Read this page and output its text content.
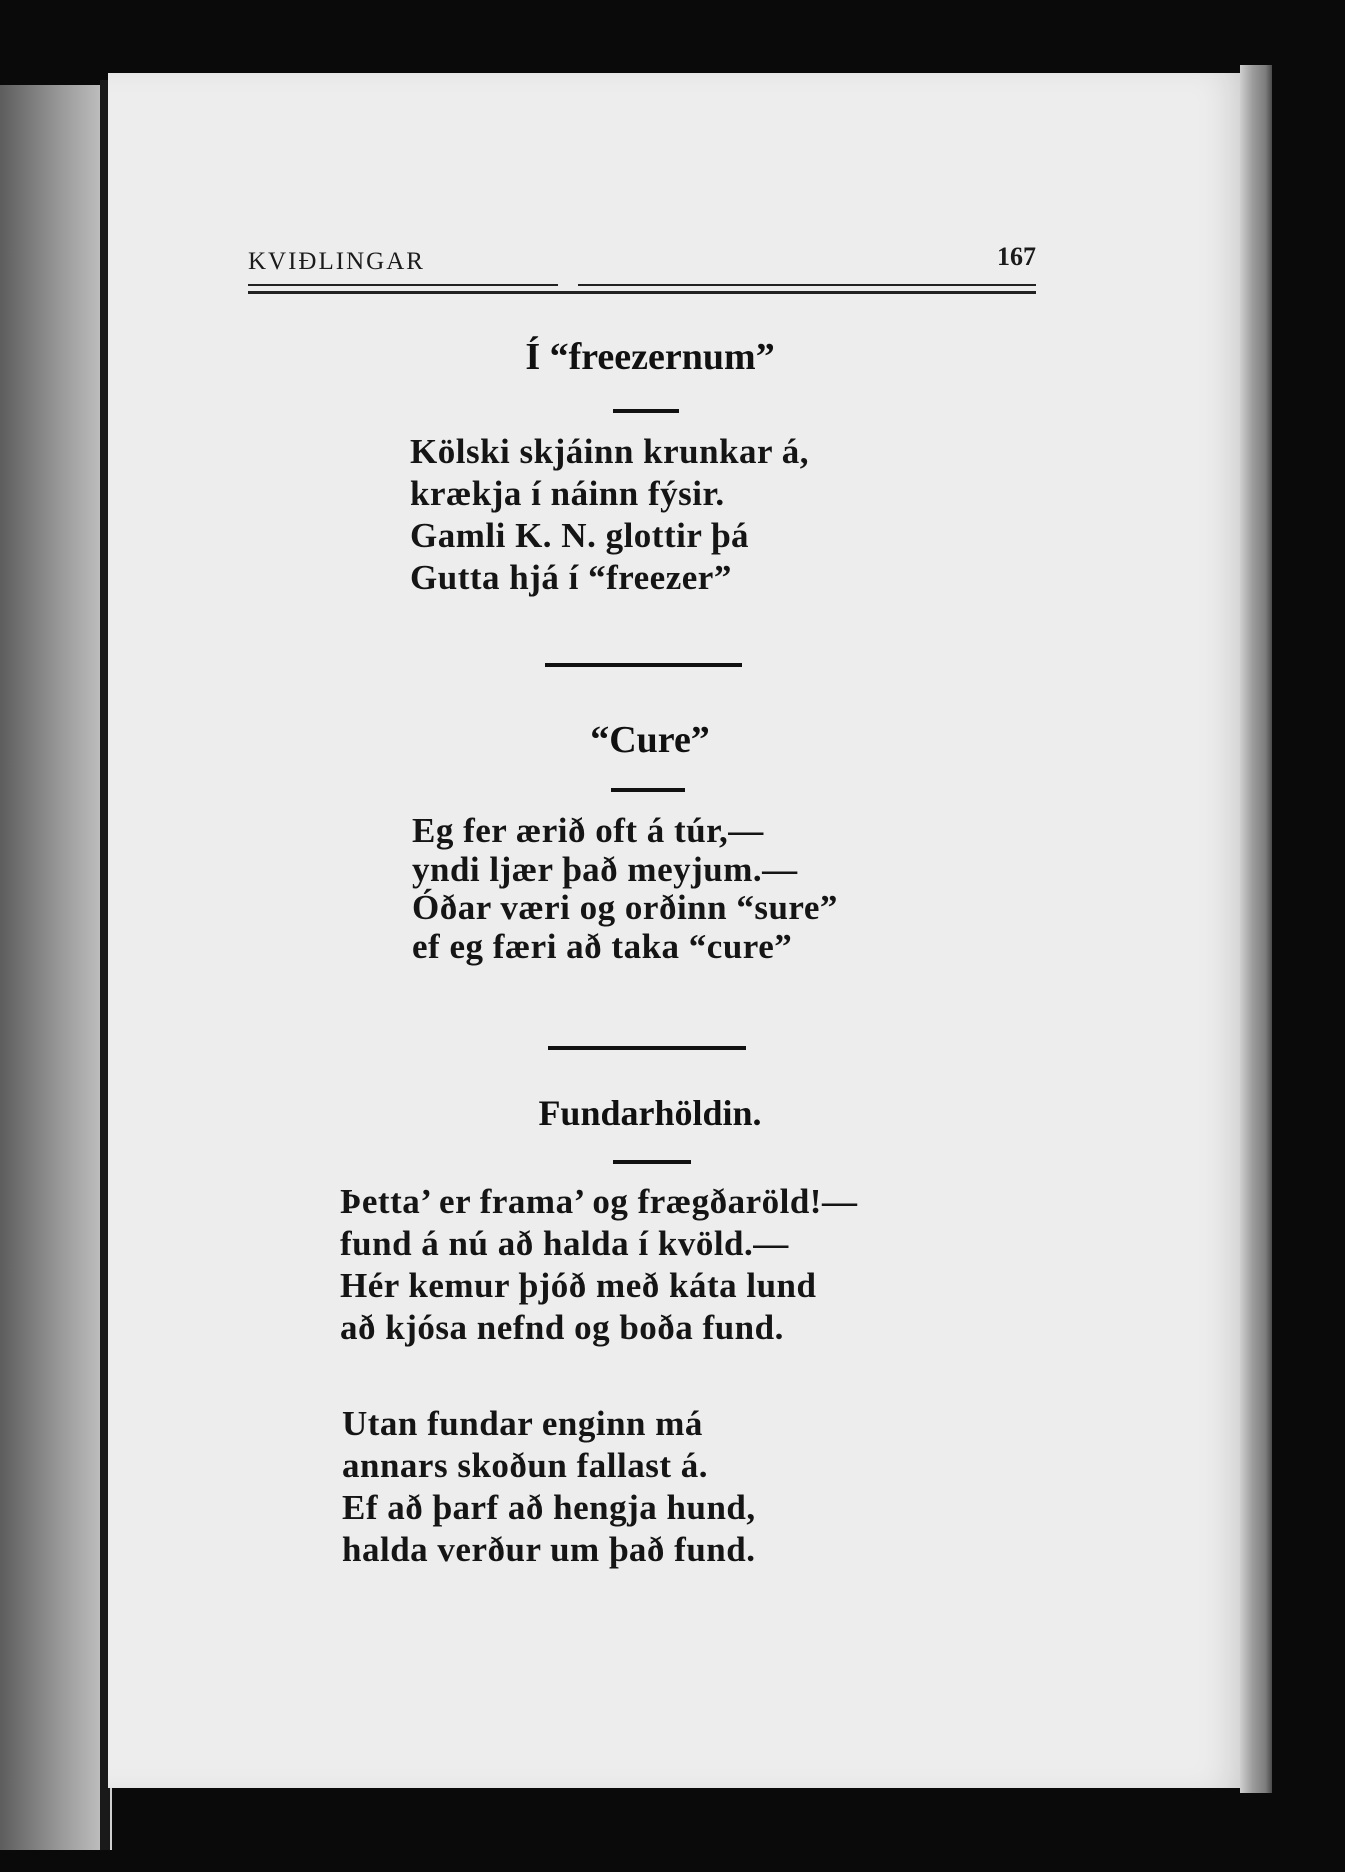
KVIÐLINGAR	167
Í “freezernum”
Kölski skjáinn krunkar á,
krækja í náinn fýsir.
Gamli K. N. glottir þá
Gutta hjá í “freezer”
“Cure”
Eg fer ærið oft á túr,—
yndi ljær það meyjum.—
Óðar væri og orðinn “sure”
ef eg færi að taka “cure”
Fundarhöldin.
Þetta’ er frama’ og frægðaröld!—
fund á nú að halda í kvöld.—
Hér kemur þjóð með káta lund
að kjósa nefnd og boða fund.
Utan fundar enginn má
annars skoðun fallast á.
Ef að þarf að hengja hund,
halda verður um það fund.
